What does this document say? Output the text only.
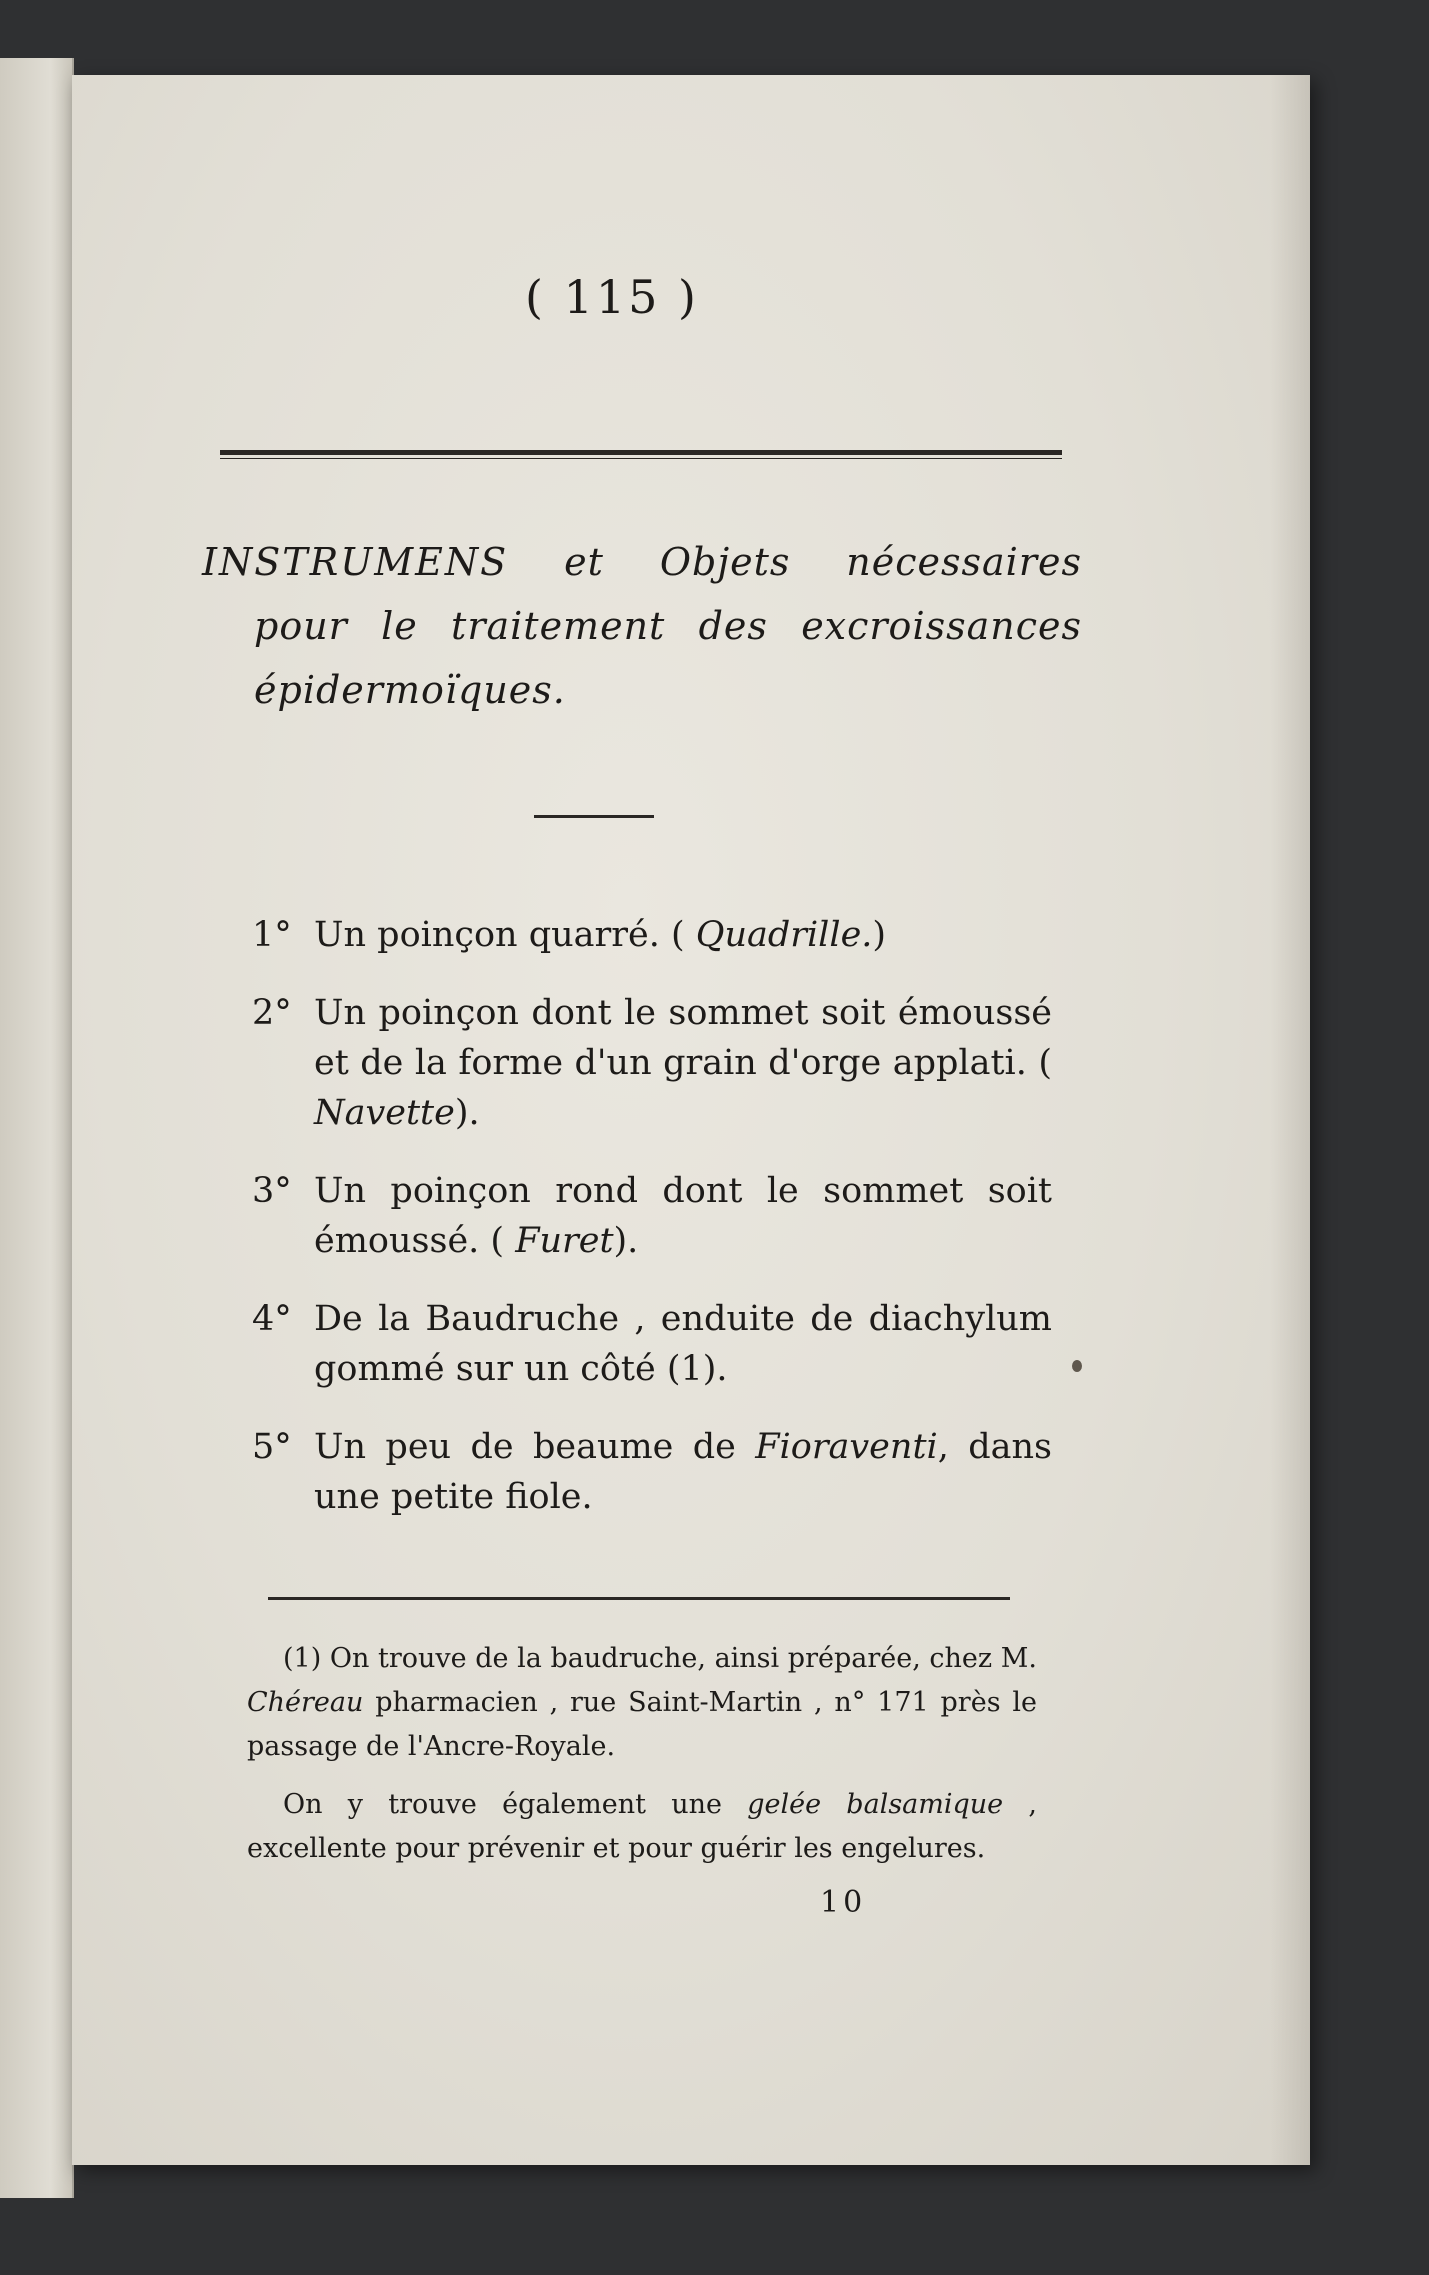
( 115 )
INSTRUMENS et Objets nécessaires
pour le traitement des excroissances
épidermoïques.
1° Un poinçon quarré. ( Quadrille.)
2° Un poinçon dont le sommet soit émoussé et de la forme d'un grain d'orge applati. ( Navette).
3° Un poinçon rond dont le sommet soit émoussé. ( Furet).
4° De la Baudruche , enduite de diachylum gommé sur un côté (1).
5° Un peu de beaume de Fioraventi, dans une petite fiole.

(1) On trouve de la baudruche, ainsi préparée, chez M. Chéreau pharmacien , rue Saint-Martin , n° 171 près le passage de l'Ancre-Royale.

On y trouve également une gelée balsamique , excellente pour prévenir et pour guérir les engelures.

10
